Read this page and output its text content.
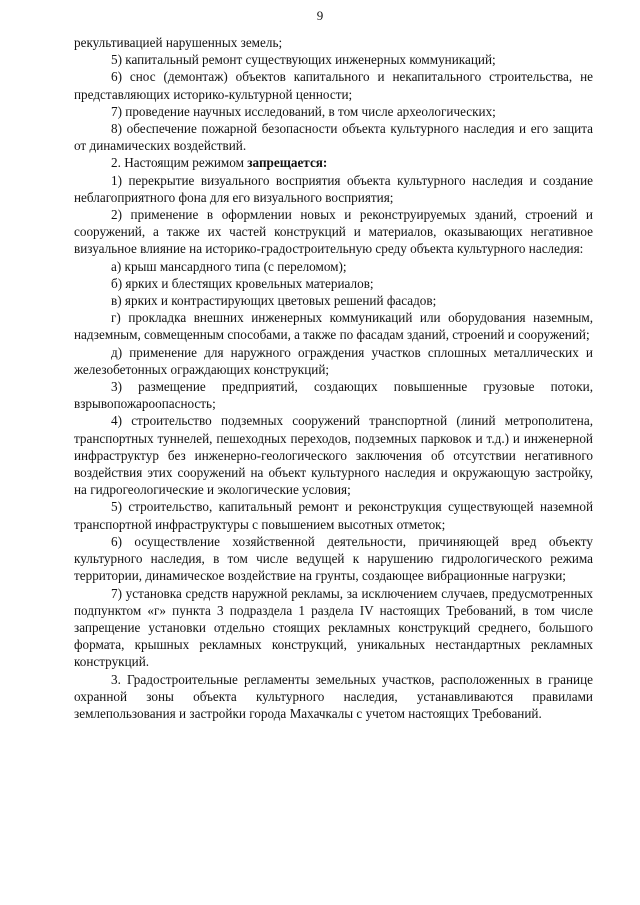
9

рекультивацией нарушенных земель;

5) капитальный ремонт существующих инженерных коммуникаций;

6) снос (демонтаж) объектов капитального и некапитального строительства, не представляющих историко-культурной ценности;

7) проведение научных исследований, в том числе археологических;

8) обеспечение пожарной безопасности объекта культурного наследия и его защита от динамических воздействий.

2. Настоящим режимом запрещается:

1) перекрытие визуального восприятия объекта культурного наследия и создание неблагоприятного фона для его визуального восприятия;

2) применение в оформлении новых и реконструируемых зданий, строений и сооружений, а также их частей конструкций и материалов, оказывающих негативное визуальное влияние на историко-градостроительную среду объекта культурного наследия:

а) крыш мансардного типа (с переломом);

б) ярких и блестящих кровельных материалов;

в) ярких и контрастирующих цветовых решений фасадов;

г) прокладка внешних инженерных коммуникаций или оборудования наземным, надземным, совмещенным способами, а также по фасадам зданий, строений и сооружений;

д) применение для наружного ограждения участков сплошных металлических и железобетонных ограждающих конструкций;

3) размещение предприятий, создающих повышенные грузовые потоки, взрывопожароопасность;

4) строительство подземных сооружений транспортной (линий метрополитена, транспортных туннелей, пешеходных переходов, подземных парковок и т.д.) и инженерной инфраструктур без инженерно-геологического заключения об отсутствии негативного воздействия этих сооружений на объект культурного наследия и окружающую застройку, на гидрогеологические и экологические условия;

5) строительство, капитальный ремонт и реконструкция существующей наземной транспортной инфраструктуры с повышением высотных отметок;

6) осуществление хозяйственной деятельности, причиняющей вред объекту культурного наследия, в том числе ведущей к нарушению гидрологического режима территории, динамическое воздействие на грунты, создающее вибрационные нагрузки;

7) установка средств наружной рекламы, за исключением случаев, предусмотренных подпунктом «г» пункта 3 подраздела 1 раздела IV настоящих Требований, в том числе запрещение установки отдельно стоящих рекламных конструкций среднего, большого формата, крышных рекламных конструкций, уникальных нестандартных рекламных конструкций.

3. Градостроительные регламенты земельных участков, расположенных в границе охранной зоны объекта культурного наследия, устанавливаются правилами землепользования и застройки города Махачкалы с учетом настоящих Требований.
